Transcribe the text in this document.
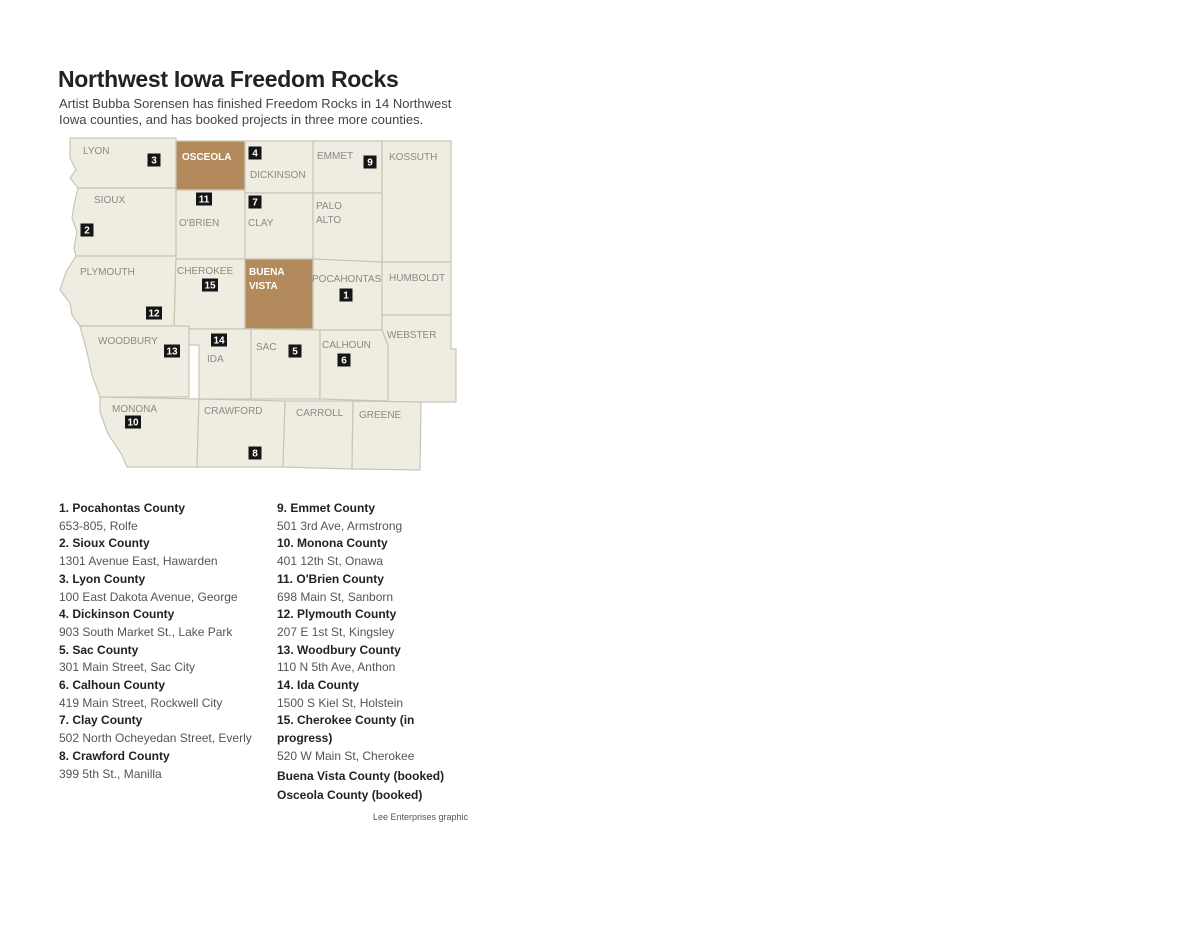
Northwest Iowa Freedom Rocks

Artist Bubba Sorensen has finished Freedom Rocks in 14 Northwest Iowa counties, and has booked projects in three more counties.

LYON
OSCEOLA
DICKINSON
EMMET	KOSSUTH
SIOUX
O'BRIEN	CLAY
PALO ALTO
PLYMOUTH	CHEROKEE BUENA VISTA
POCAHONTAS HUMBOLDT
WOODBURY
IDA
SAC	CALHOUN
WEBSTER
MONONA	CRAWFORD	CARROLL GREENE
1
2
3
4
5
6
7
8
9
10
11
12
13
14
15
1. Pocahontas County
653-805, Rolfe
2. Sioux County
1301 Avenue East, Hawarden
3. Lyon County
100 East Dakota Avenue, George
4. Dickinson County
903 South Market St., Lake Park
5. Sac County
301 Main Street, Sac City
6. Calhoun County
419 Main Street, Rockwell City
7. Clay County
502 North Ocheyedan Street, Everly
8. Crawford County
399 5th St., Manilla
9. Emmet County
501 3rd Ave, Armstrong
10. Monona County
401 12th St, Onawa
11. O'Brien County
698 Main St, Sanborn
12. Plymouth County
207 E 1st St, Kingsley
13. Woodbury County
110 N 5th Ave, Anthon
14. Ida County
1500 S Kiel St, Holstein
15. Cherokee County (in progress)
520 W Main St, Cherokee
Buena Vista County (booked)
Osceola County (booked)
Lee Enterprises graphic
